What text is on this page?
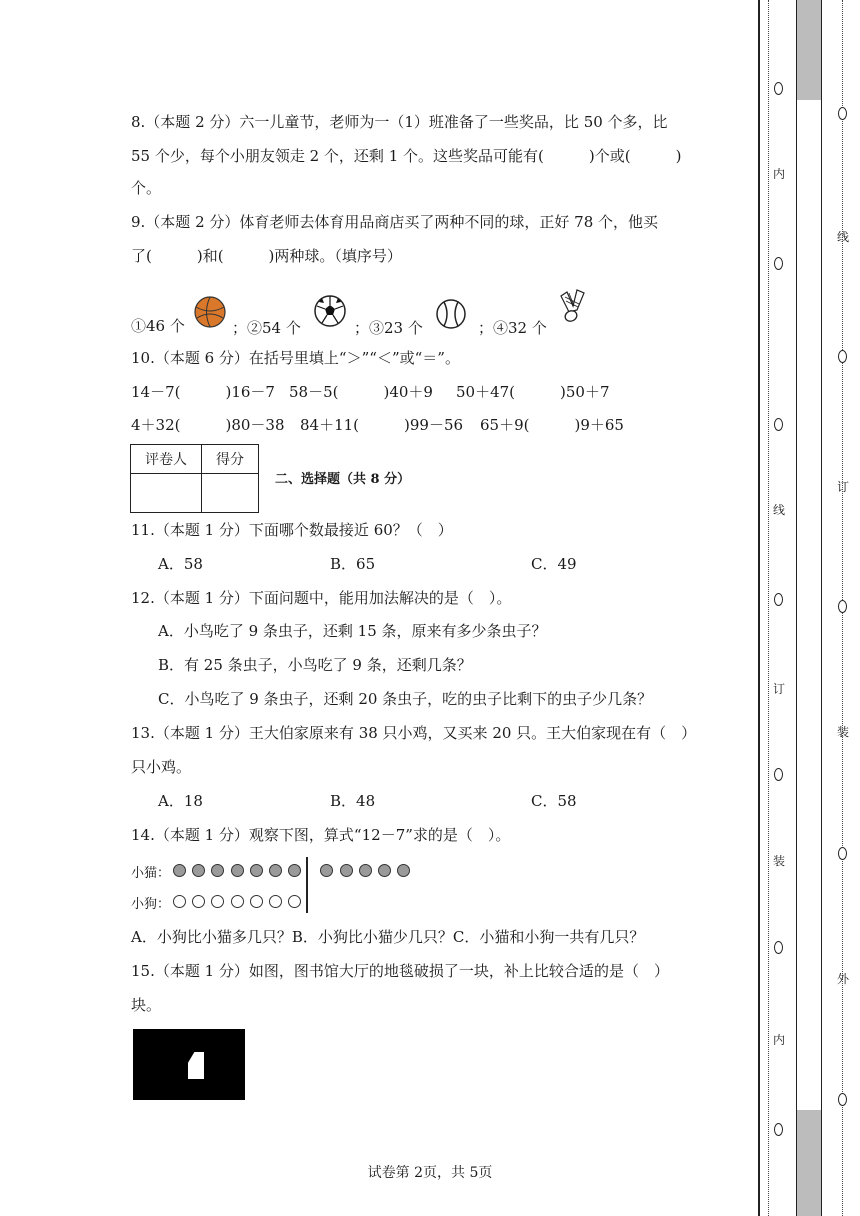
8.（本题 2 分）六一儿童节，老师为一（1）班准备了一些奖品，比 50 个多，比
55 个少，每个小朋友领走 2 个，还剩 1 个。这些奖品可能有(　　　)个或(　　　)
个。
9.（本题 2 分）体育老师去体育用品商店买了两种不同的球，正好 78 个，他买
了(　　　)和(　　　)两种球。（填序号）
①46 个	；②54 个	；③23 个	；④32 个
10.（本题 6 分）在括号里填上“＞”“＜”或“＝”。
14－7(　　　)16－7 58－5(　　　)40＋9 50＋47(　　　)50＋7
4＋32(　　　)80－38 84＋11(　　　)99－56 65＋9(　　　)9＋65
评卷人	得分

二、选择题（共 8 分）
11.（本题 1 分）下面哪个数最接近 60？（　）
A．58	B．65	C．49
12.（本题 1 分）下面问题中，能用加法解决的是（　）。
A．小鸟吃了 9 条虫子，还剩 15 条，原来有多少条虫子？
B．有 25 条虫子，小鸟吃了 9 条，还剩几条？
C．小鸟吃了 9 条虫子，还剩 20 条虫子，吃的虫子比剩下的虫子少几条？
13.（本题 1 分）王大伯家原来有 38 只小鸡，又买来 20 只。王大伯家现在有（　）
只小鸡。
A．18	B．48	C．58
14.（本题 1 分）观察下图，算式“12－7”求的是（　）。
小猫：
小狗：
A．小狗比小猫多几只？B．小狗比小猫少几只？C．小猫和小狗一共有几只？
15.（本题 1 分）如图，图书馆大厅的地毯破损了一块，补上比较合适的是（　）
块。
试卷第 2页，共 5页
内
线
订
装
内
线
订
装
外
